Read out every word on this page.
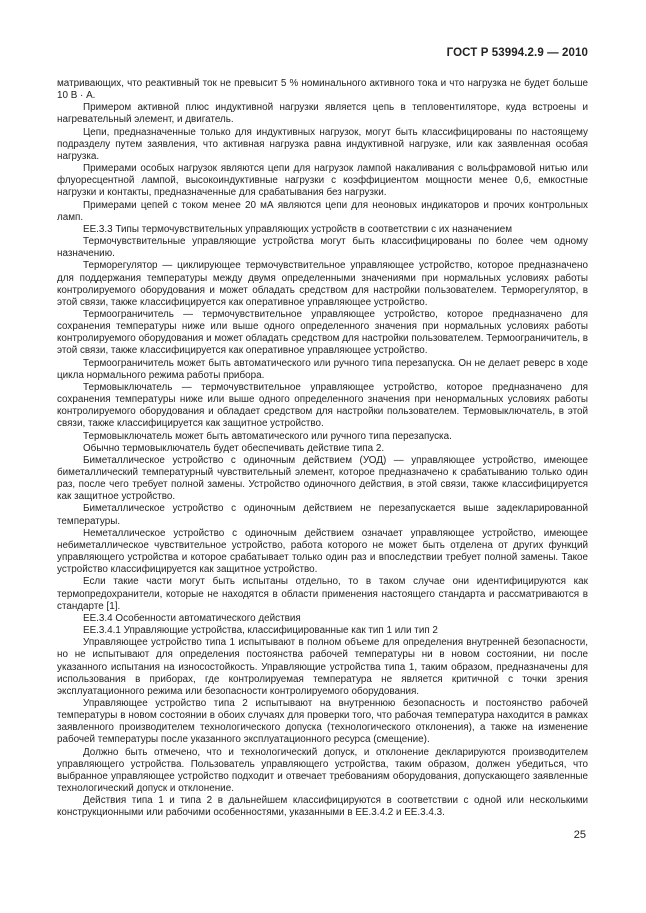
ГОСТ Р 53994.2.9 — 2010

матривающих, что реактивный ток не превысит 5 % номинального активного тока и что нагрузка не будет больше 10 В · А.

Примером активной плюс индуктивной нагрузки является цепь в тепловентиляторе, куда встроены и нагревательный элемент, и двигатель.

Цепи, предназначенные только для индуктивных нагрузок, могут быть классифицированы по настоящему подразделу путем заявления, что активная нагрузка равна индуктивной нагрузке, или как заявленная особая нагрузка.

Примерами особых нагрузок являются цепи для нагрузок лампой накаливания с вольфрамовой нитью или флуоресцентной лампой, высокоиндуктивные нагрузки с коэффициентом мощности менее 0,6, емкостные нагрузки и контакты, предназначенные для срабатывания без нагрузки.

Примерами цепей с током менее 20 мА являются цепи для неоновых индикаторов и прочих контрольных ламп.

ЕЕ.3.3 Типы термочувствительных управляющих устройств в соответствии с их назначением

Термочувствительные управляющие устройства могут быть классифицированы по более чем одному назначению.

Терморегулятор — циклирующее термочувствительное управляющее устройство, которое предназначено для поддержания температуры между двумя определенными значениями при нормальных условиях работы контролируемого оборудования и может обладать средством для настройки пользователем. Терморегулятор, в этой связи, также классифицируется как оперативное управляющее устройство.

Термоограничитель — термочувствительное управляющее устройство, которое предназначено для сохранения температуры ниже или выше одного определенного значения при нормальных условиях работы контролируемого оборудования и может обладать средством для настройки пользователем. Термоограничитель, в этой связи, также классифицируется как оперативное управляющее устройство.

Термоограничитель может быть автоматического или ручного типа перезапуска. Он не делает реверс в ходе цикла нормального режима работы прибора.

Термовыключатель — термочувствительное управляющее устройство, которое предназначено для сохранения температуры ниже или выше одного определенного значения при ненормальных условиях работы контролируемого оборудования и обладает средством для настройки пользователем. Термовыключатель, в этой связи, также классифицируется как защитное устройство.

Термовыключатель может быть автоматического или ручного типа перезапуска.

Обычно термовыключатель будет обеспечивать действие типа 2.

Биметаллическое устройство с одиночным действием (УОД) — управляющее устройство, имеющее биметаллический температурный чувствительный элемент, которое предназначено к срабатыванию только один раз, после чего требует полной замены. Устройство одиночного действия, в этой связи, также классифицируется как защитное устройство.

Биметаллическое устройство с одиночным действием не перезапускается выше задекларированной температуры.

Неметаллическое устройство с одиночным действием означает управляющее устройство, имеющее небиметаллическое чувствительное устройство, работа которого не может быть отделена от других функций управляющего устройства и которое срабатывает только один раз и впоследствии требует полной замены. Такое устройство классифицируется как защитное устройство.

Если такие части могут быть испытаны отдельно, то в таком случае они идентифицируются как термопредохранители, которые не находятся в области применения настоящего стандарта и рассматриваются в стандарте [1].

ЕЕ.3.4 Особенности автоматического действия

ЕЕ.3.4.1 Управляющие устройства, классифицированные как тип 1 или тип 2

Управляющее устройство типа 1 испытывают в полном объеме для определения внутренней безопасности, но не испытывают для определения постоянства рабочей температуры ни в новом состоянии, ни после указанного испытания на износостойкость. Управляющие устройства типа 1, таким образом, предназначены для использования в приборах, где контролируемая температура не является критичной с точки зрения эксплуатационного режима или безопасности контролируемого оборудования.

Управляющее устройство типа 2 испытывают на внутреннюю безопасность и постоянство рабочей температуры в новом состоянии в обоих случаях для проверки того, что рабочая температура находится в рамках заявленного производителем технологического допуска (технологического отклонения), а также на изменение рабочей температуры после указанного эксплуатационного ресурса (смещение).

Должно быть отмечено, что и технологический допуск, и отклонение декларируются производителем управляющего устройства. Пользователь управляющего устройства, таким образом, должен убедиться, что выбранное управляющее устройство подходит и отвечает требованиям оборудования, допускающего заявленные технологический допуск и отклонение.

Действия типа 1 и типа 2 в дальнейшем классифицируются в соответствии с одной или несколькими конструкционными или рабочими особенностями, указанными в ЕЕ.3.4.2 и ЕЕ.3.4.3.

25
